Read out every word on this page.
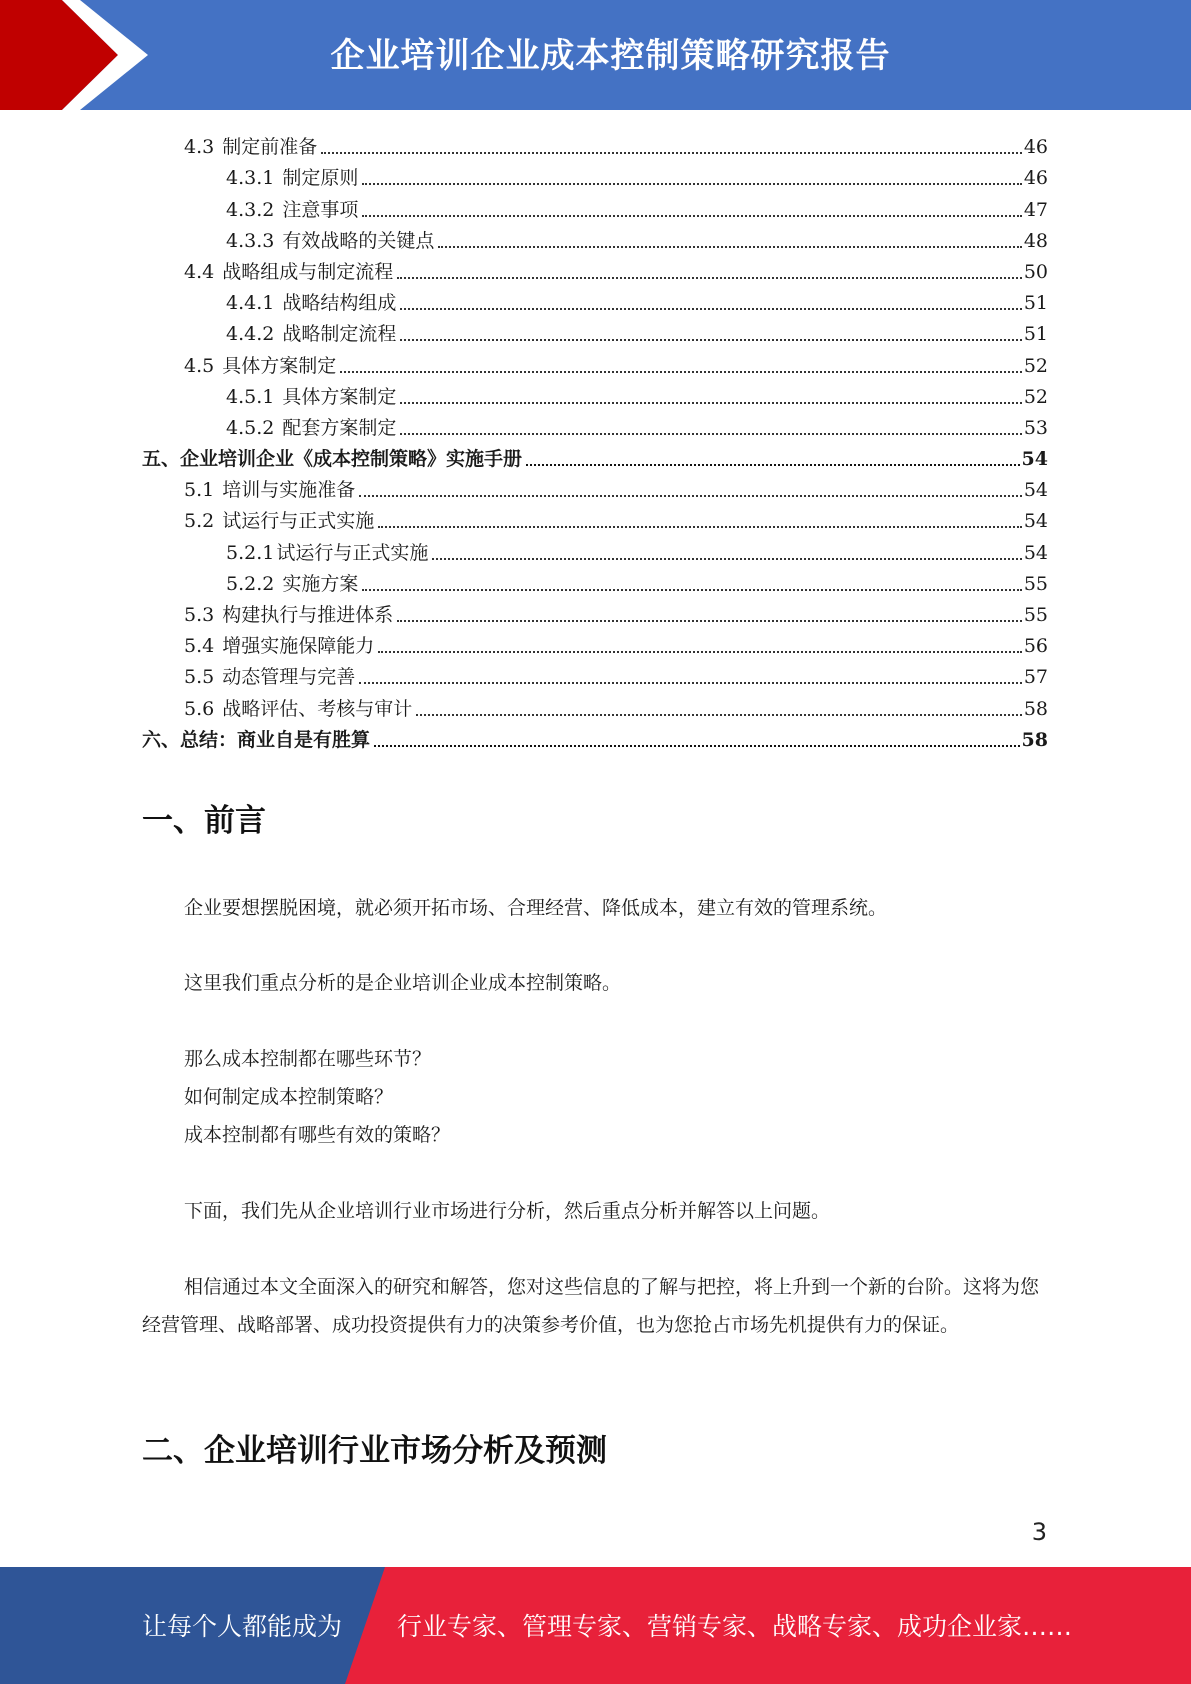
企业培训企业成本控制策略研究报告
4.3 制定前准备	46
4.3.1 制定原则	46
4.3.2 注意事项	47
4.3.3 有效战略的关键点	48
4.4 战略组成与制定流程	50
4.4.1 战略结构组成	51
4.4.2 战略制定流程	51
4.5 具体方案制定	52
4.5.1 具体方案制定	52
4.5.2 配套方案制定	53
五、企业培训企业《成本控制策略》实施手册	54
5.1 培训与实施准备	54
5.2 试运行与正式实施	54
5.2.1 试运行与正式实施	54
5.2.2 实施方案	55
5.3 构建执行与推进体系	55
5.4 增强实施保障能力	56
5.5 动态管理与完善	57
5.6 战略评估、考核与审计	58
六、总结：商业自是有胜算	58
一、前言
企业要想摆脱困境，就必须开拓市场、合理经营、降低成本，建立有效的管理系统。
这里我们重点分析的是企业培训企业成本控制策略。
那么成本控制都在哪些环节？
如何制定成本控制策略？
成本控制都有哪些有效的策略？
下面，我们先从企业培训行业市场进行分析，然后重点分析并解答以上问题。
相信通过本文全面深入的研究和解答，您对这些信息的了解与把控，将上升到一个新的台阶。这将为您经营管理、战略部署、成功投资提供有力的决策参考价值，也为您抢占市场先机提供有力的保证。
二、企业培训行业市场分析及预测
3
让每个人都能成为 行业专家、管理专家、营销专家、战略专家、成功企业家……
